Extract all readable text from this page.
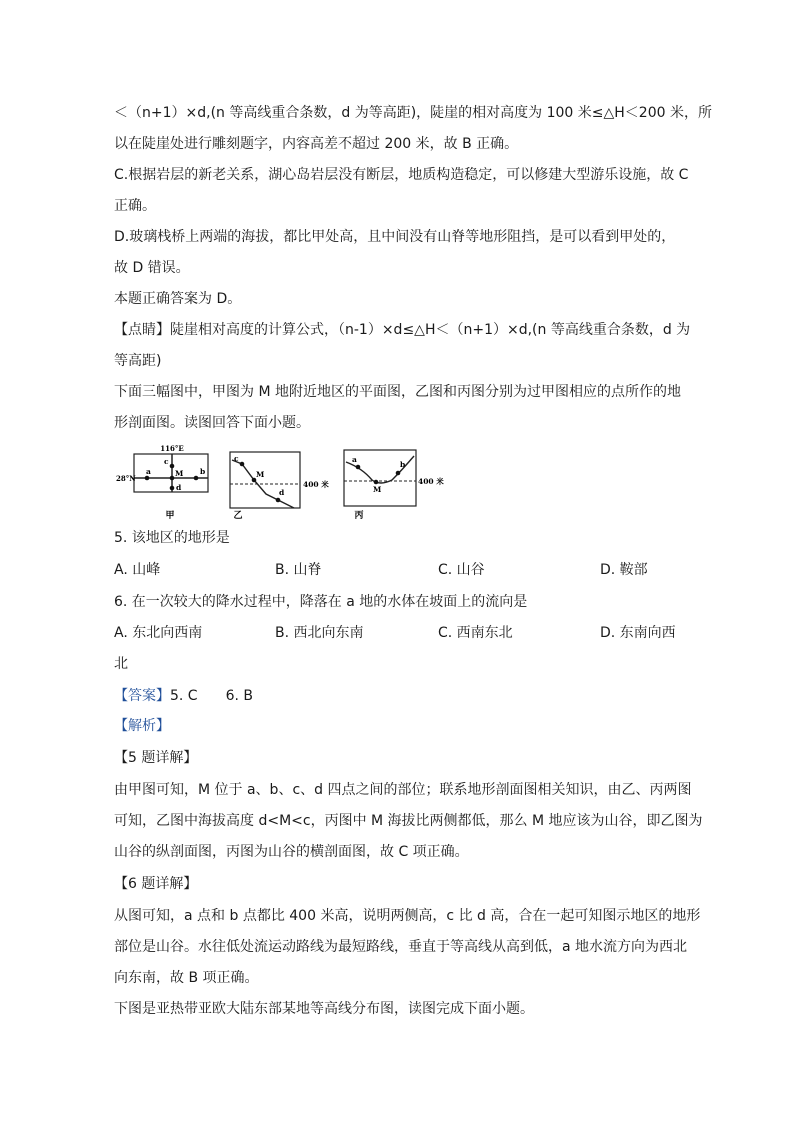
＜（n+1）×d,(n 等高线重合条数，d 为等高距)，陡崖的相对高度为 100 米≤△H＜200 米，所
以在陡崖处进行雕刻题字，内容高差不超过 200 米，故 B 正确。
C.根据岩层的新老关系，湖心岛岩层没有断层，地质构造稳定，可以修建大型游乐设施，故 C
正确。
D.玻璃栈桥上两端的海拔，都比甲处高，且中间没有山脊等地形阻挡，是可以看到甲处的，
故 D 错误。
本题正确答案为 D。
【点睛】陡崖相对高度的计算公式，（n-1）×d≤△H＜（n+1）×d,(n 等高线重合条数，d 为
等高距)
下面三幅图中，甲图为 M 地附近地区的平面图，乙图和丙图分别为过甲图相应的点所作的地
形剖面图。读图回答下面小题。
116°E
28°N
a	b
c
d
M
甲
c
M
d
400 米
乙
a
b
M
400 米
丙
5. 该地区的地形是
A. 山峰	B. 山脊	C. 山谷	D. 鞍部
6. 在一次较大的降水过程中，降落在 a 地的水体在坡面上的流向是
A. 东北向西南	B. 西北向东南	C. 西南东北	D. 东南向西
北
【答案】5. C　　6. B
【解析】
【5 题详解】
由甲图可知，M 位于 a、b、c、d 四点之间的部位；联系地形剖面图相关知识，由乙、丙两图
可知，乙图中海拔高度 d<M<c，丙图中 M 海拔比两侧都低，那么 M 地应该为山谷，即乙图为
山谷的纵剖面图，丙图为山谷的横剖面图，故 C 项正确。
【6 题详解】
从图可知，a 点和 b 点都比 400 米高，说明两侧高，c 比 d 高，合在一起可知图示地区的地形
部位是山谷。水往低处流运动路线为最短路线，垂直于等高线从高到低，a 地水流方向为西北
向东南，故 B 项正确。
下图是亚热带亚欧大陆东部某地等高线分布图，读图完成下面小题。
